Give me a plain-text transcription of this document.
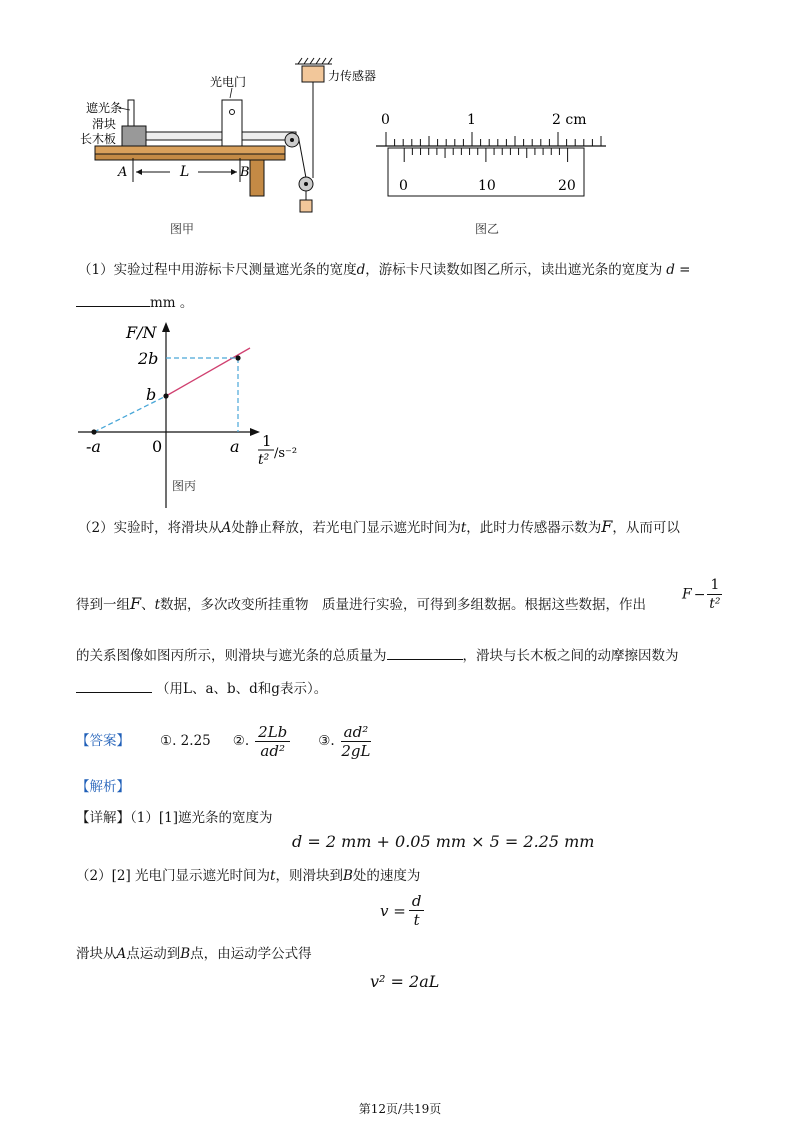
遮光条
滑块
长木板
光电门	力传感器
A	B
L
图甲
0	1	2 cm
0	10	20
图乙
（1）实验过程中用游标卡尺测量遮光条的宽度d，游标卡尺读数如图乙所示，读出遮光条的宽度为 d =
mm 。
F/N
2b
b
-a	0	a 1
t² /s⁻²
图丙
（2）实验时，将滑块从A处静止释放，若光电门显示遮光时间为t，此时力传感器示数为F，从而可以
得到一组F、t数据，多次改变所挂重物　质量进行实验，可得到多组数据。根据这些数据，作出
$F - \frac{1}{\text{t²}}$
的关系图像如图丙所示，则滑块与遮光条的总质量为	，滑块与长木板之间的动摩擦因数为
（用L、a、b、d和g表示）。
【答案】 ①. 2.25 ②. $\frac{2Lb}{\text{ad²}}$ ③. $\frac{\text{ad²}}{2gL}$
【解析】
【详解】（1）[1]遮光条的宽度为
d = 2 mm + 0.05 mm × 5 = 2.25 mm
（2）[2] 光电门显示遮光时间为t，则滑块到B处的速度为
$v = \frac{d}{t}$
滑块从A点运动到B点，由运动学公式得
v² = 2aL
第12页/共19页
